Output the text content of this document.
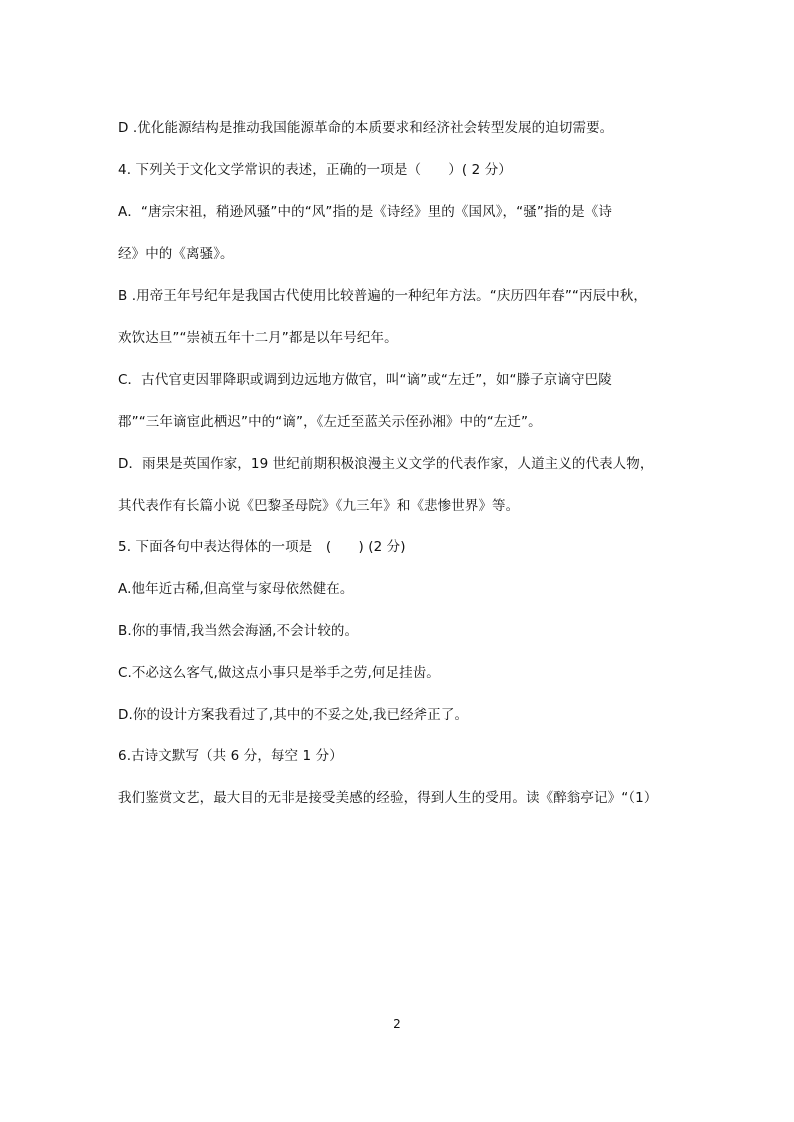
D .优化能源结构是推动我国能源革命的本质要求和经济社会转型发展的迫切需要。
4. 下列关于文化文学常识的表述，正确的一项是（　　）( 2 分）
A．“唐宗宋祖，稍逊风骚”中的“风”指的是《诗经》里的《国风》，“骚”指的是《诗
经》中的《离骚》。
B .用帝王年号纪年是我国古代使用比较普遍的一种纪年方法。“庆历四年春”“丙辰中秋，
欢饮达旦”“崇祯五年十二月”都是以年号纪年。
C．古代官吏因罪降职或调到边远地方做官，叫“谪”或“左迁”，如“滕子京谪守巴陵
郡”“三年谪宦此栖迟”中的“谪”，《左迁至蓝关示侄孙湘》中的“左迁”。
D．雨果是英国作家，19 世纪前期积极浪漫主义文学的代表作家，人道主义的代表人物，
其代表作有长篇小说《巴黎圣母院》《九三年》和《悲惨世界》等。
5. 下面各句中表达得体的一项是　(　　) (2 分)
A.他年近古稀,但高堂与家母依然健在。
B.你的事情,我当然会海涵,不会计较的。
C.不必这么客气,做这点小事只是举手之劳,何足挂齿。
D.你的设计方案我看过了,其中的不妥之处,我已经斧正了。
6.古诗文默写（共 6 分，每空 1 分）
我们鉴赏文艺，最大目的无非是接受美感的经验，得到人生的受用。读《醉翁亭记》“（1）
2
